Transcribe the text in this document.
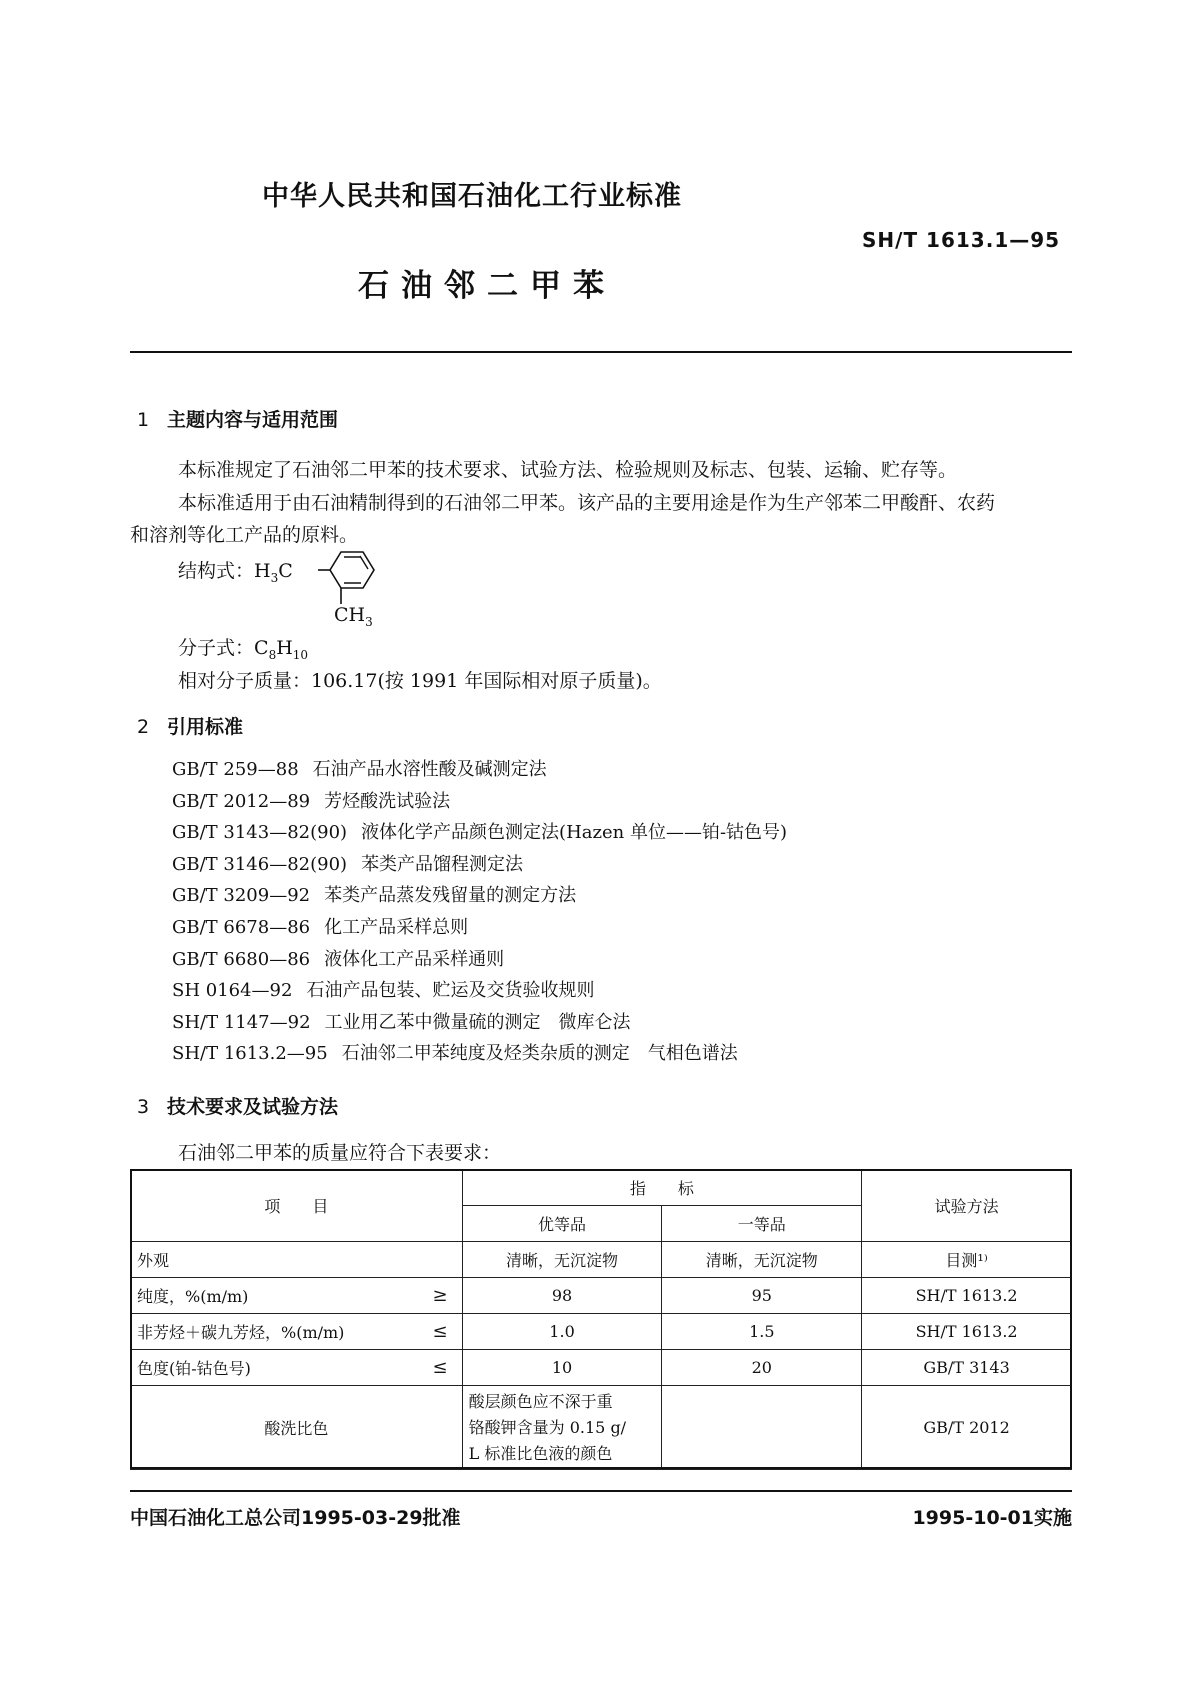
中华人民共和国石油化工行业标准
SH/T 1613.1—95
石油邻二甲苯
1 主题内容与适用范围
本标准规定了石油邻二甲苯的技术要求、试验方法、检验规则及标志、包装、运输、贮存等。
本标准适用于由石油精制得到的石油邻二甲苯。该产品的主要用途是作为生产邻苯二甲酸酐、农药
和溶剂等化工产品的原料。
结构式：$H_3C$
$CH_3$
分子式：$C_8H_{10}$
相对分子质量：106.17(按 1991 年国际相对原子质量)。
2 引用标准
GB/T 259—88 石油产品水溶性酸及碱测定法
GB/T 2012—89 芳烃酸洗试验法
GB/T 3143—82(90) 液体化学产品颜色测定法(Hazen 单位——铂-钴色号)
GB/T 3146—82(90) 苯类产品馏程测定法
GB/T 3209—92 苯类产品蒸发残留量的测定方法
GB/T 6678—86 化工产品采样总则
GB/T 6680—86 液体化工产品采样通则
SH 0164—92 石油产品包装、贮运及交货验收规则
SH/T 1147—92 工业用乙苯中微量硫的测定　微库仑法
SH/T 1613.2—95 石油邻二甲苯纯度及烃类杂质的测定　气相色谱法
3 技术要求及试验方法
石油邻二甲苯的质量应符合下表要求：
项　　目		指　　标		试验方法
		优等品	一等品	
外观		清晰，无沉淀物	清晰，无沉淀物	目测¹⁾
纯度，%(m/m)	≥	98	95	SH/T 1613.2
非芳烃＋碳九芳烃，%(m/m)	≤	1.0	1.5	SH/T 1613.2
色度(铂-钴色号)	≤	10	20	GB/T 3143
酸洗比色		酸层颜色应不深于重
铬酸钾含量为 0.15 g/
L 标准比色液的颜色		GB/T 2012
中国石油化工总公司1995-03-29批准	1995-10-01实施
